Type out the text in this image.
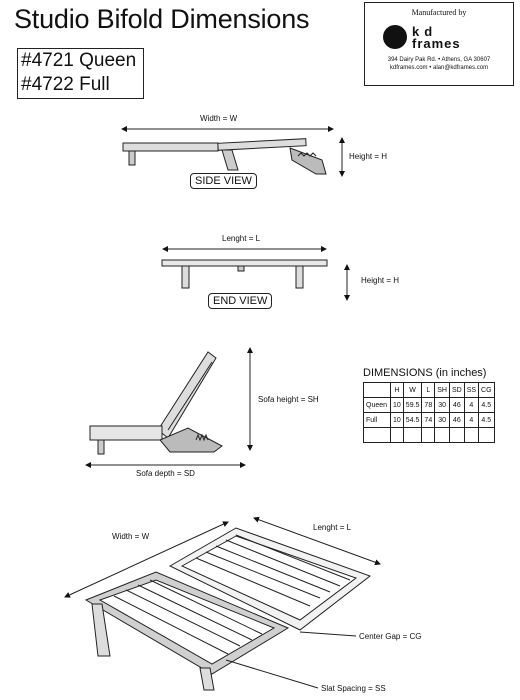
Studio Bifold Dimensions
#4721 Queen
#4722 Full
Manufactured by
kd
frames
394 Dairy Pak Rd. • Athens, GA 30607
kdframes.com • alan@kdframes.com
Width = W
Height = H
SIDE VIEW
Lenght = L
Height = H
END VIEW
Sofa height = SH
Sofa depth = SD
DIMENSIONS (in inches)
	H	W	L	SH	SD	SS	CG
Queen	10	59.5	78	30	46	4	4.5
Full	10	54.5	74	30	46	4	4.5

Width = W
Lenght = L
Center Gap = CG
Slat Spacing = SS
